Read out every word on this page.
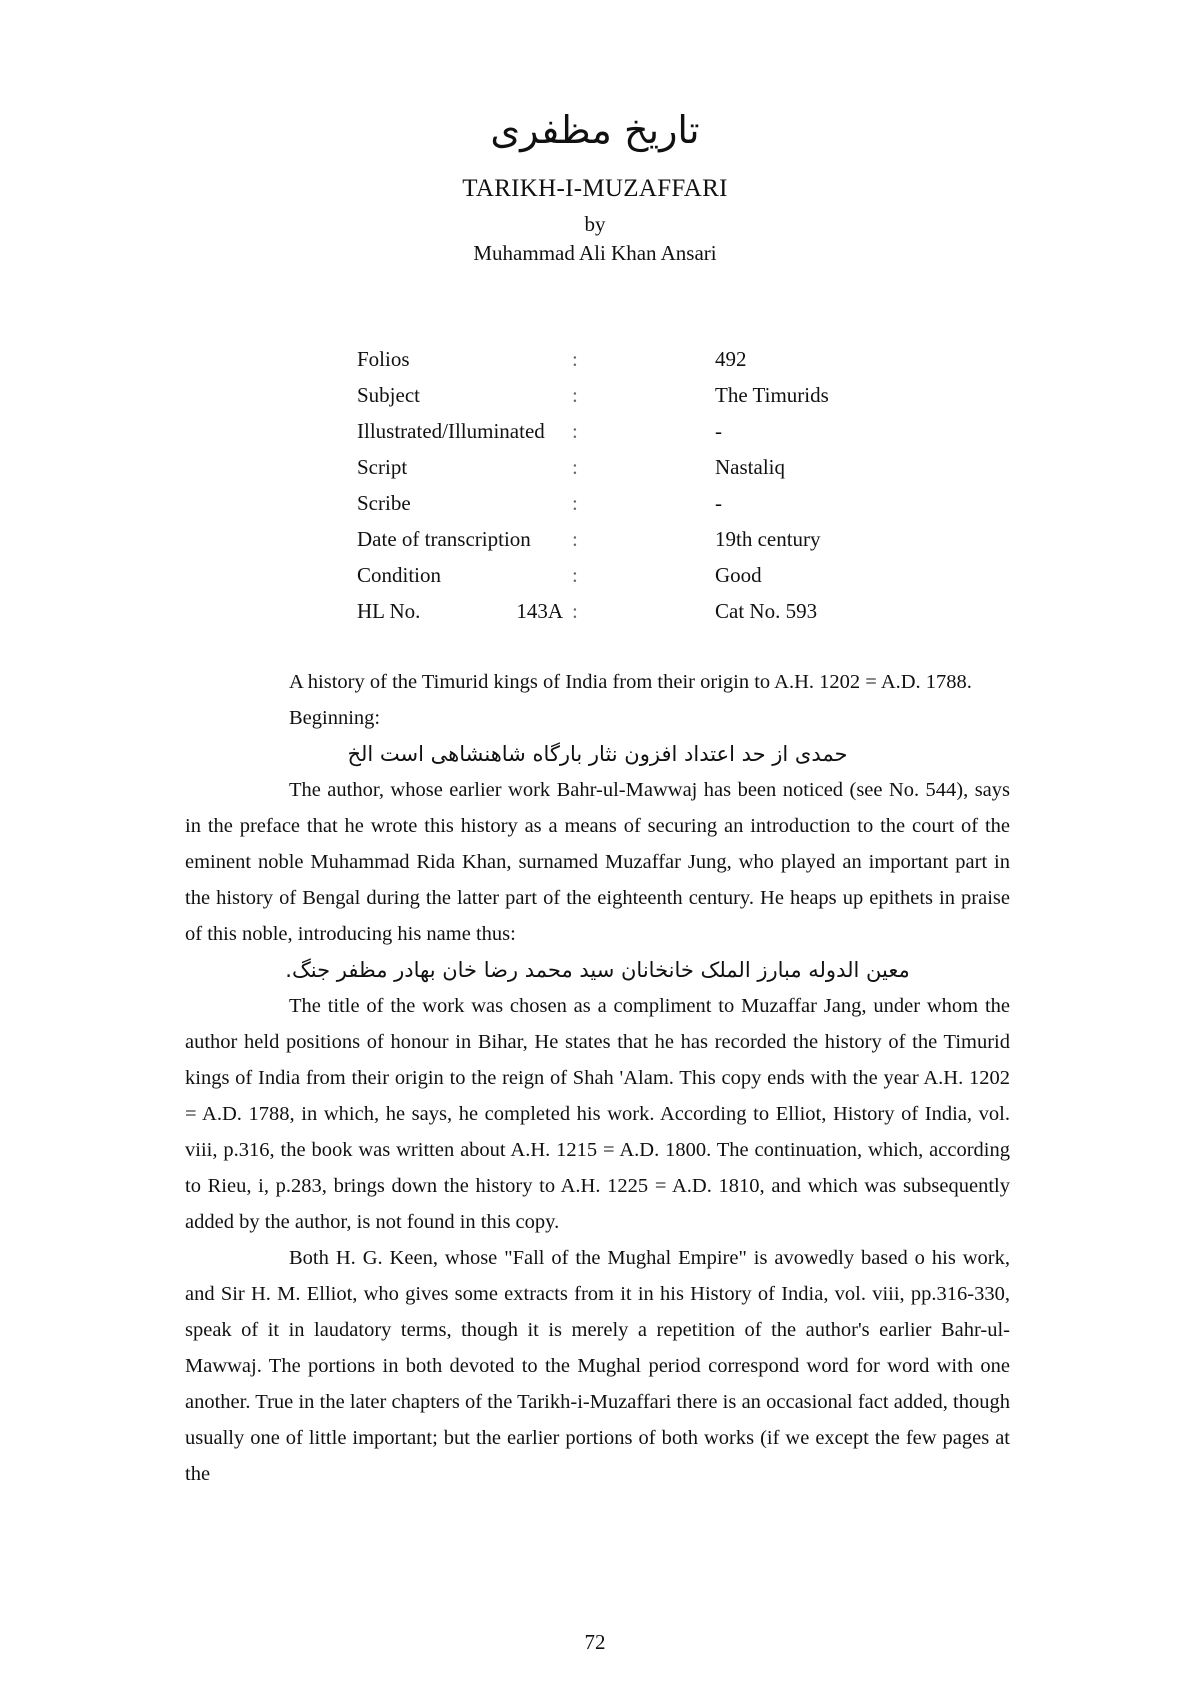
تاریخ مظفری
TARIKH-I-MUZAFFARI
by
Muhammad Ali Khan Ansari
Folios	:	492
Subject	:	The Timurids
Illustrated/Illuminated	:	-
Script	:	Nastaliq
Scribe	:	-
Date of transcription	:	19th century
Condition	:	Good
HL No. 143A	:	Cat No. 593

A history of the Timurid kings of India from their origin to A.H. 1202 = A.D. 1788.

Beginning:

حمدی از حد اعتداد افزون نثار بارگاه شاهنشاهی است الخ

The author, whose earlier work Bahr-ul-Mawwaj has been noticed (see No. 544), says in the preface that he wrote this history as a means of securing an introduction to the court of the eminent noble Muhammad Rida Khan, surnamed Muzaffar Jung, who played an important part in the history of Bengal during the latter part of the eighteenth century. He heaps up epithets in praise of this noble, introducing his name thus:

معین الدوله مبارز الملک خانخانان سید محمد رضا خان بهادر مظفر جنگ.

The title of the work was chosen as a compliment to Muzaffar Jang, under whom the author held positions of honour in Bihar, He states that he has recorded the history of the Timurid kings of India from their origin to the reign of Shah 'Alam. This copy ends with the year A.H. 1202 = A.D. 1788, in which, he says, he completed his work. According to Elliot, History of India, vol. viii, p.316, the book was written about A.H. 1215 = A.D. 1800. The continuation, which, according to Rieu, i, p.283, brings down the history to A.H. 1225 = A.D. 1810, and which was subsequently added by the author, is not found in this copy.

Both H. G. Keen, whose "Fall of the Mughal Empire" is avowedly based o his work, and Sir H. M. Elliot, who gives some extracts from it in his History of India, vol. viii, pp.316-330, speak of it in laudatory terms, though it is merely a repetition of the author's earlier Bahr-ul-Mawwaj. The portions in both devoted to the Mughal period correspond word for word with one another. True in the later chapters of the Tarikh-i-Muzaffari there is an occasional fact added, though usually one of little important; but the earlier portions of both works (if we except the few pages at the

72
